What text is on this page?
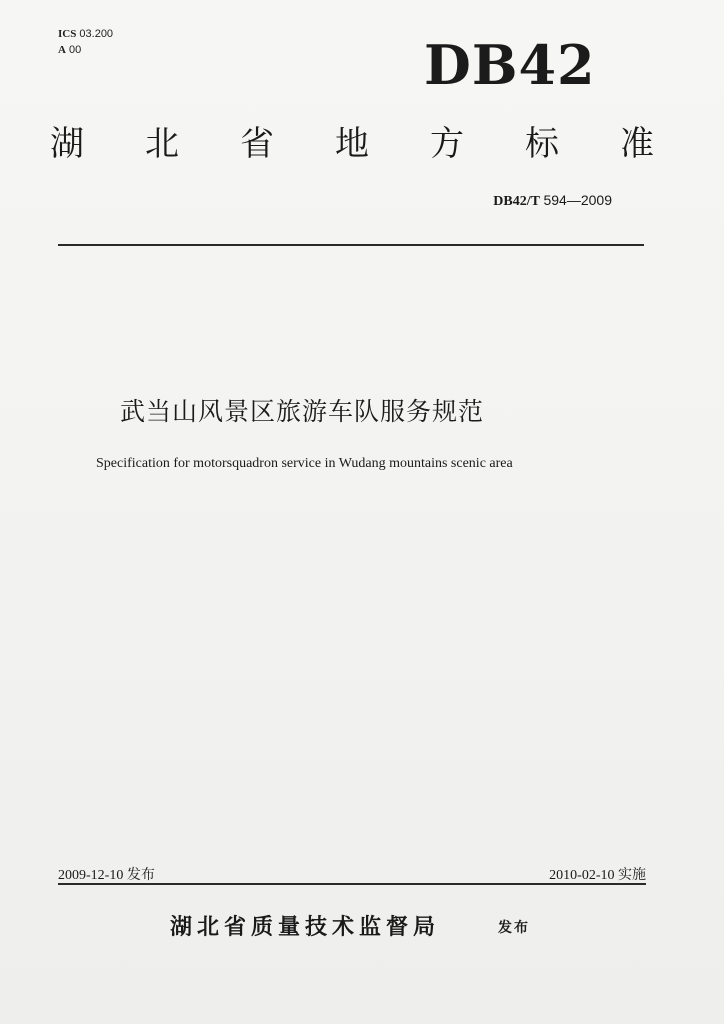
ICS 03.200
A 00	DB42
湖 北 省 地 方 标 准
DB42/T 594—2009
武当山风景区旅游车队服务规范
Specification for motorsquadron service in Wudang mountains scenic area
2009-12-10 发布	2010-02-10 实施
湖北省质量技术监督局	发布
